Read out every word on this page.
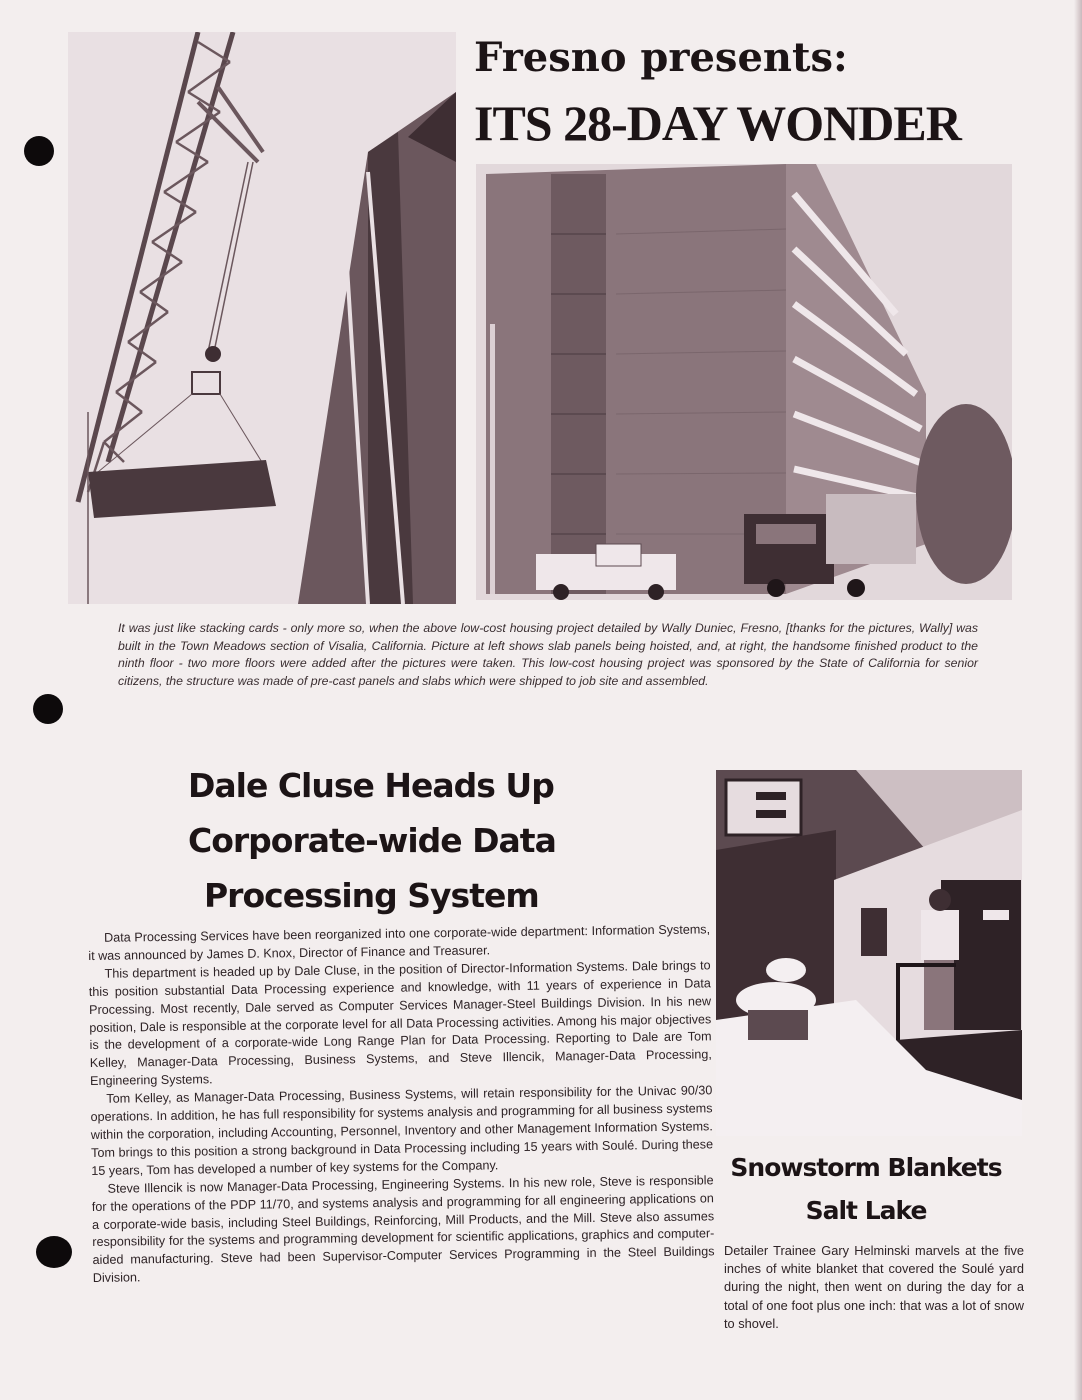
Fresno presents:
ITS 28-DAY WONDER
It was just like stacking cards - only more so, when the above low-cost housing project detailed by Wally Duniec, Fresno, [thanks for the pictures, Wally] was built in the Town Meadows section of Visalia, California. Picture at left shows slab panels being hoisted, and, at right, the handsome finished product to the ninth floor - two more floors were added after the pictures were taken. This low-cost housing project was sponsored by the State of California for senior citizens, the structure was made of pre-cast panels and slabs which were shipped to job site and assembled.
Dale Cluse Heads Up
Corporate-wide Data
Processing System

Data Processing Services have been reorganized into one corporate-wide department: Information Systems, it was announced by James D. Knox, Director of Finance and Treasurer.

This department is headed up by Dale Cluse, in the position of Director-Information Systems. Dale brings to this position substantial Data Processing experience and knowledge, with 11 years of experience in Data Processing. Most recently, Dale served as Computer Services Manager-Steel Buildings Division. In his new position, Dale is responsible at the corporate level for all Data Processing activities. Among his major objectives is the development of a corporate-wide Long Range Plan for Data Processing. Reporting to Dale are Tom Kelley, Manager-Data Processing, Business Systems, and Steve Illencik, Manager-Data Processing, Engineering Systems.

Tom Kelley, as Manager-Data Processing, Business Systems, will retain responsibility for the Univac 90/30 operations. In addition, he has full responsibility for systems analysis and programming for all business systems within the corporation, including Accounting, Personnel, Inventory and other Management Information Systems. Tom brings to this position a strong background in Data Processing including 15 years with Soulé. During these 15 years, Tom has developed a number of key systems for the Company.

Steve Illencik is now Manager-Data Processing, Engineering Systems. In his new role, Steve is responsible for the operations of the PDP 11/70, and systems analysis and programming for all engineering applications on a corporate-wide basis, including Steel Buildings, Reinforcing, Mill Products, and the Mill. Steve also assumes responsibility for the systems and programming development for scientific applications, graphics and computer-aided manufacturing. Steve had been Supervisor-Computer Services Programming in the Steel Buildings Division.

Snowstorm Blankets
Salt Lake
Detailer Trainee Gary Helminski marvels at the five inches of white blanket that covered the Soulé yard during the night, then went on during the day for a total of one foot plus one inch: that was a lot of snow to shovel.
